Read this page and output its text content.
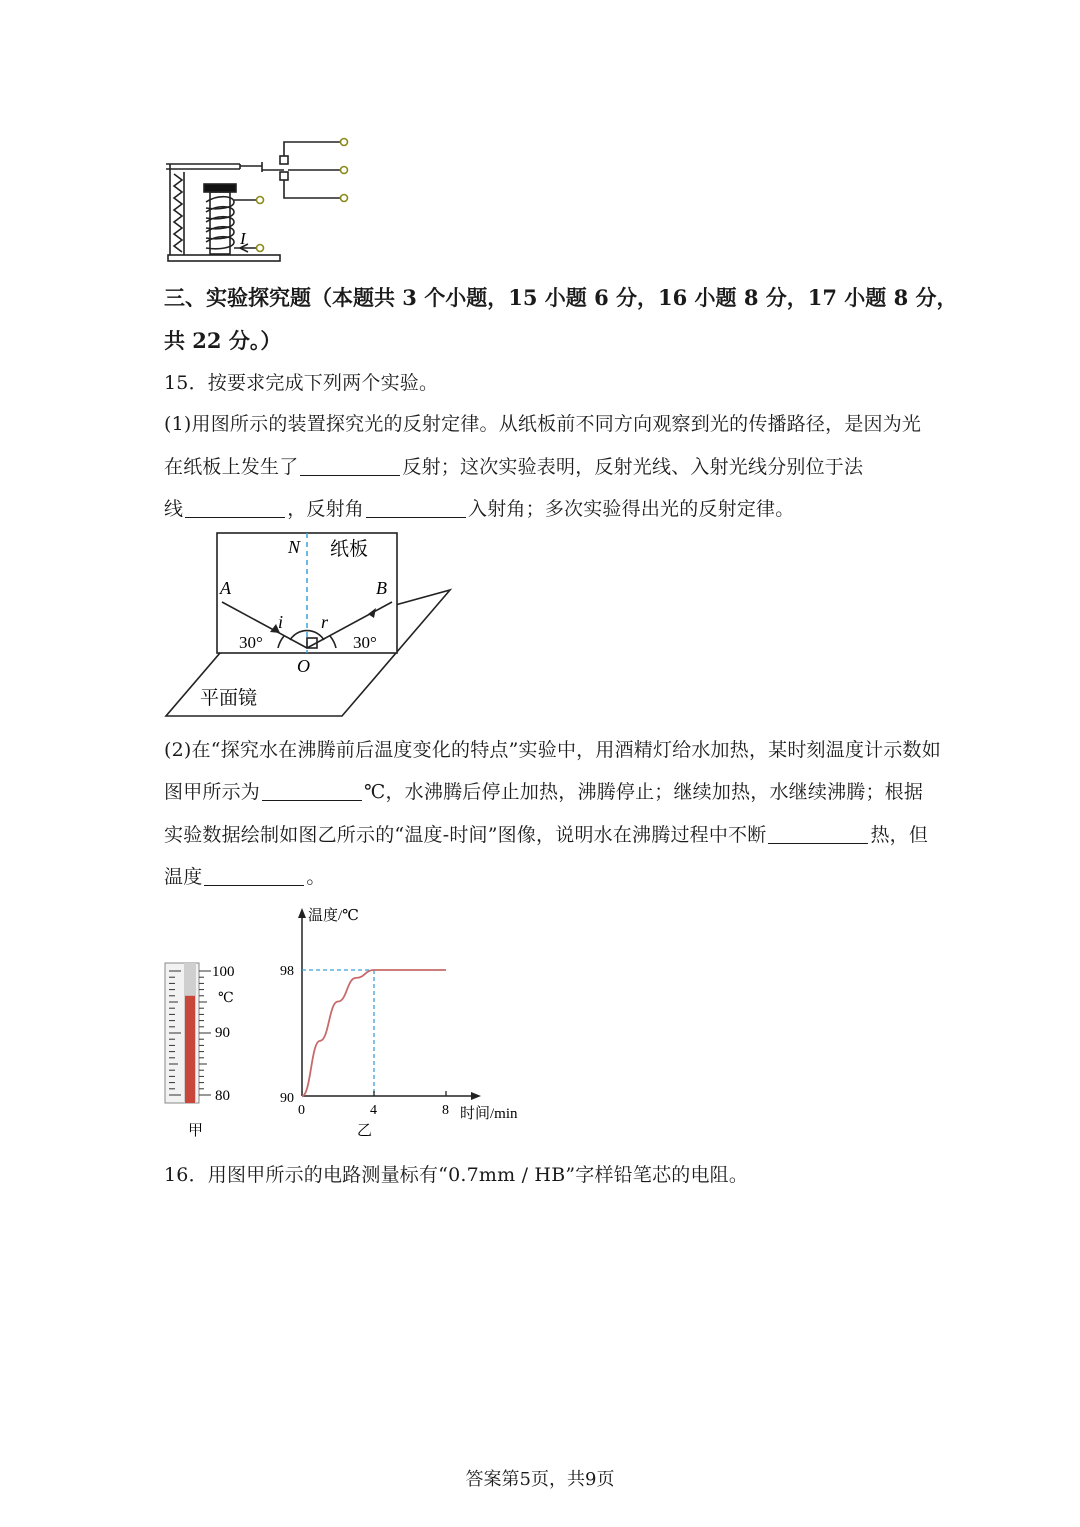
I
三、实验探究题（本题共 3 个小题，15 小题 6 分，16 小题 8 分，17 小题 8 分，
共 22 分。）
15．按要求完成下列两个实验。
(1)用图所示的装置探究光的反射定律。从纸板前不同方向观察到光的传播路径，是因为光
在纸板上发生了	反射；这次实验表明，反射光线、入射光线分别位于法
线	，反射角	入射角；多次实验得出光的反射定律。
N 纸板
A	B
i r
30°	30°
O
平面镜
(2)在“探究水在沸腾前后温度变化的特点”实验中，用酒精灯给水加热，某时刻温度计示数如
图甲所示为	℃，水沸腾后停止加热，沸腾停止；继续加热，水继续沸腾；根据
实验数据绘制如图乙所示的“温度-时间”图像，说明水在沸腾过程中不断	热，但
温度	。
100
℃
90
80
甲
温度/℃
时间/min
0	4	8
90
98
乙
16．用图甲所示的电路测量标有“0.7mm / HB”字样铅笔芯的电阻。
答案第5页，共9页
